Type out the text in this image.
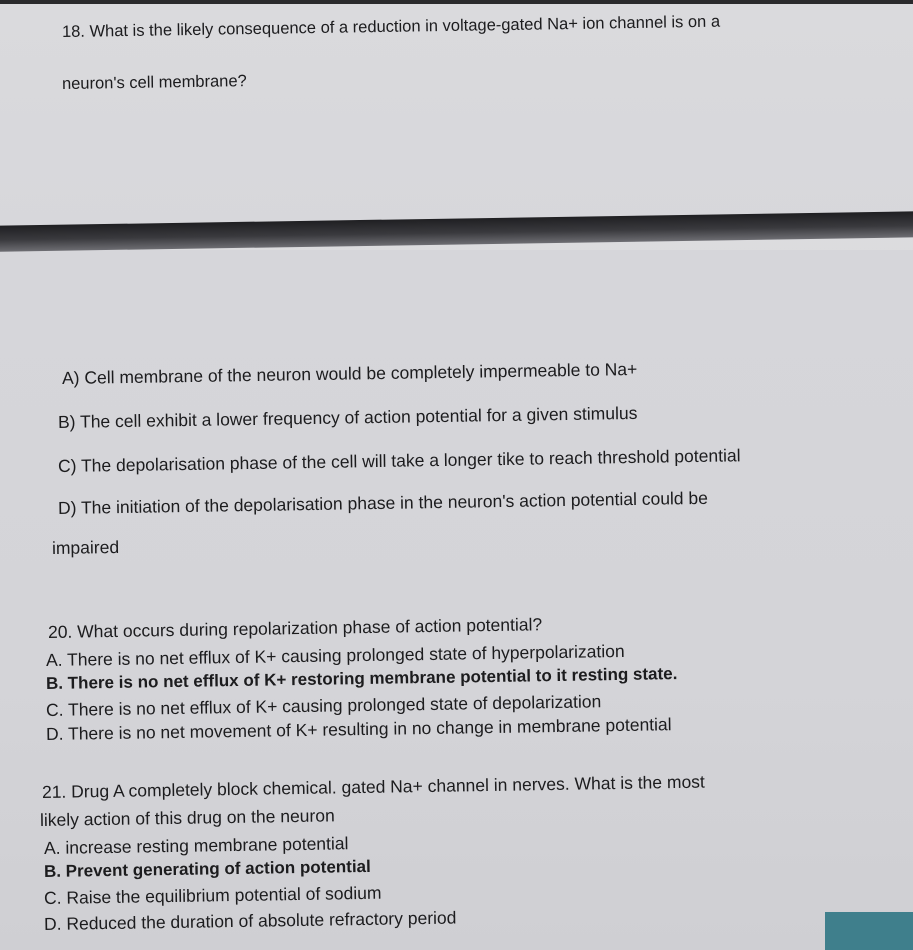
18. What is the likely consequence of a reduction in voltage-gated Na+ ion channel is on a
neuron's cell membrane?
A) Cell membrane of the neuron would be completely impermeable to Na+
B) The cell exhibit a lower frequency of action potential for a given stimulus
C) The depolarisation phase of the cell will take a longer tike to reach threshold potential
D) The initiation of the depolarisation phase in the neuron's action potential could be
impaired
20. What occurs during repolarization phase of action potential?
A. There is no net efflux of K+ causing prolonged state of hyperpolarization
B. There is no net efflux of K+ restoring membrane potential to it resting state.
C. There is no net efflux of K+ causing prolonged state of depolarization
D. There is no net movement of K+ resulting in no change in membrane potential
21. Drug A completely block chemical. gated Na+ channel in nerves. What is the most
likely action of this drug on the neuron
A. increase resting membrane potential
B. Prevent generating of action potential
C. Raise the equilibrium potential of sodium
D. Reduced the duration of absolute refractory period
